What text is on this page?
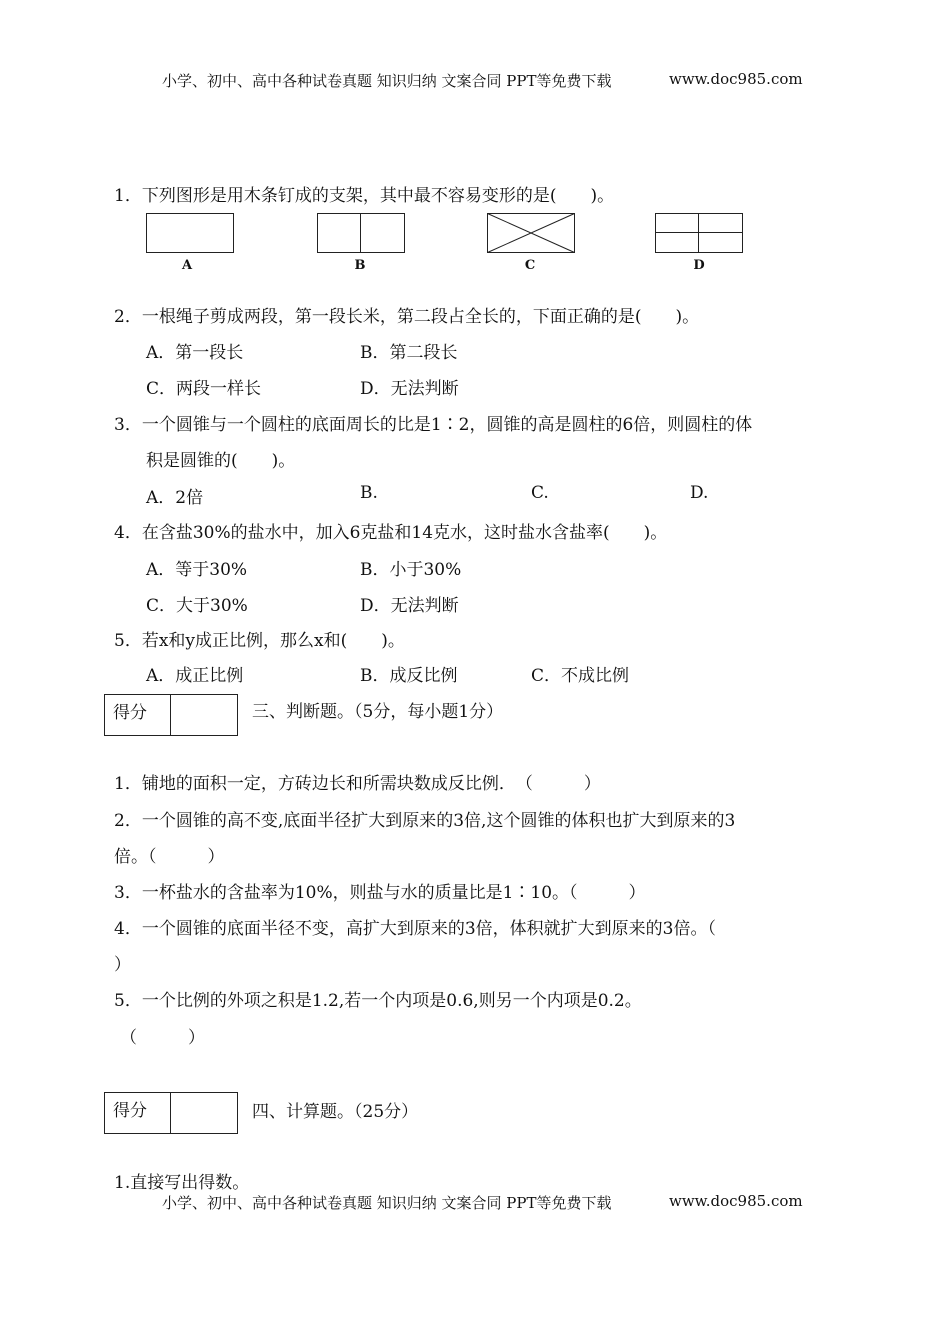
小学、初中、高中各种试卷真题 知识归纳 文案合同 PPT等免费下载	www.doc985.com
1．下列图形是用木条钉成的支架，其中最不容易变形的是(　　)。
A	B	C	D
2．一根绳子剪成两段，第一段长米，第二段占全长的，下面正确的是(　　)。
A．第一段长	B．第二段长
C．两段一样长	D．无法判断
3．一个圆锥与一个圆柱的底面周长的比是1∶2，圆锥的高是圆柱的6倍，则圆柱的体
积是圆锥的(　　)。
A．2倍	B.	C.	D.
4．在含盐30%的盐水中，加入6克盐和14克水，这时盐水含盐率(　　)。
A．等于30%	B．小于30%
C．大于30%	D．无法判断
5．若x和y成正比例，那么x和(　　)。
A．成正比例	B．成反比例	C．不成比例
得分	三、判断题。（5分，每小题1分）
1．铺地的面积一定，方砖边长和所需块数成反比例．　（　　　）
2．一个圆锥的高不变,底面半径扩大到原来的3倍,这个圆锥的体积也扩大到原来的3
倍。（　　　）
3．一杯盐水的含盐率为10%，则盐与水的质量比是1∶10。（　　　）
4．一个圆锥的底面半径不变，高扩大到原来的3倍，体积就扩大到原来的3倍。（
）
5．一个比例的外项之积是1.2,若一个内项是0.6,则另一个内项是0.2。
（　　　）
得分	四、计算题。（25分）
1.直接写出得数。
小学、初中、高中各种试卷真题 知识归纳 文案合同 PPT等免费下载	www.doc985.com
